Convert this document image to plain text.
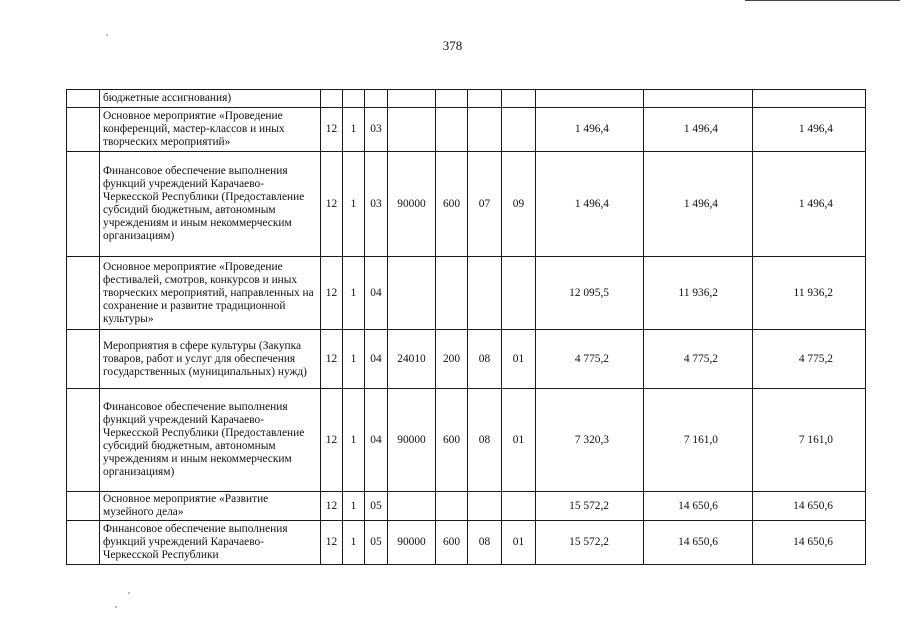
378
	бюджетные ассигнования)										
	Основное мероприятие «Проведение конференций, мастер-классов и иных творческих мероприятий»	12	1	03					1 496,4	1 496,4	1 496,4
	Финансовое обеспечение выполнения функций учреждений Карачаево-Черкесской Республики (Предоставление субсидий бюджетным, автономным учреждениям и иным некоммерческим организациям)	12	1	03	90000	600	07	09	1 496,4	1 496,4	1 496,4
	Основное мероприятие «Проведение фестивалей, смотров, конкурсов и иных творческих мероприятий, направленных на сохранение и развитие традиционной культуры»	12	1	04					12 095,5	11 936,2	11 936,2
	Мероприятия в сфере культуры (Закупка товаров, работ и услуг для обеспечения государственных (муниципальных) нужд)	12	1	04	24010	200	08	01	4 775,2	4 775,2	4 775,2
	Финансовое обеспечение выполнения функций учреждений Карачаево-Черкесской Республики (Предоставление субсидий бюджетным, автономным учреждениям и иным некоммерческим организациям)	12	1	04	90000	600	08	01	7 320,3	7 161,0	7 161,0
	Основное мероприятие «Развитие музейного дела»	12	1	05					15 572,2	14 650,6	14 650,6
	Финансовое обеспечение выполнения функций учреждений Карачаево-Черкесской Республики	12	1	05	90000	600	08	01	15 572,2	14 650,6	14 650,6
